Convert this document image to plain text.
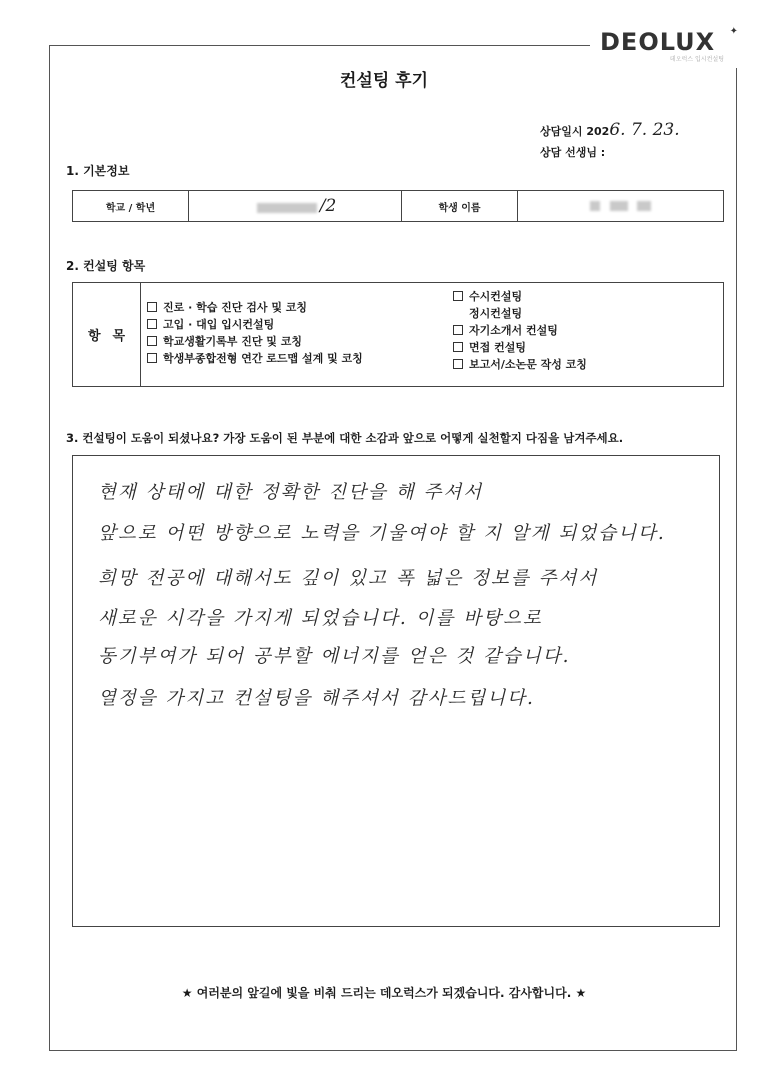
DEOLUX	✦
데오럭스 입시컨설팅
컨설팅 후기
상담일시 2026. 7. 23.
상담 선생님 :
1. 기본정보
학교 / 학년	/2	학생 이름	
2. 컨설팅 항목
항목
진로 · 학습 진단 검사 및 코칭
고입 · 대입 입시컨설팅
학교생활기록부 진단 및 코칭
학생부종합전형 연간 로드맵 설계 및 코칭
수시컨설팅
정시컨설팅
자기소개서 컨설팅
면접 컨설팅
보고서/소논문 작성 코칭
3. 컨설팅이 도움이 되셨나요? 가장 도움이 된 부분에 대한 소감과 앞으로 어떻게 실천할지 다짐을 남겨주세요.
현재 상태에 대한 정확한 진단을 해 주셔서
앞으로 어떤 방향으로 노력을 기울여야 할 지 알게 되었습니다.
희망 전공에 대해서도 깊이 있고 폭 넓은 정보를 주셔서
새로운 시각을 가지게 되었습니다. 이를 바탕으로
동기부여가 되어 공부할 에너지를 얻은 것 같습니다.
열정을 가지고 컨설팅을 해주셔서 감사드립니다.
★ 여러분의 앞길에 빛을 비춰 드리는 데오럭스가 되겠습니다. 감사합니다. ★
